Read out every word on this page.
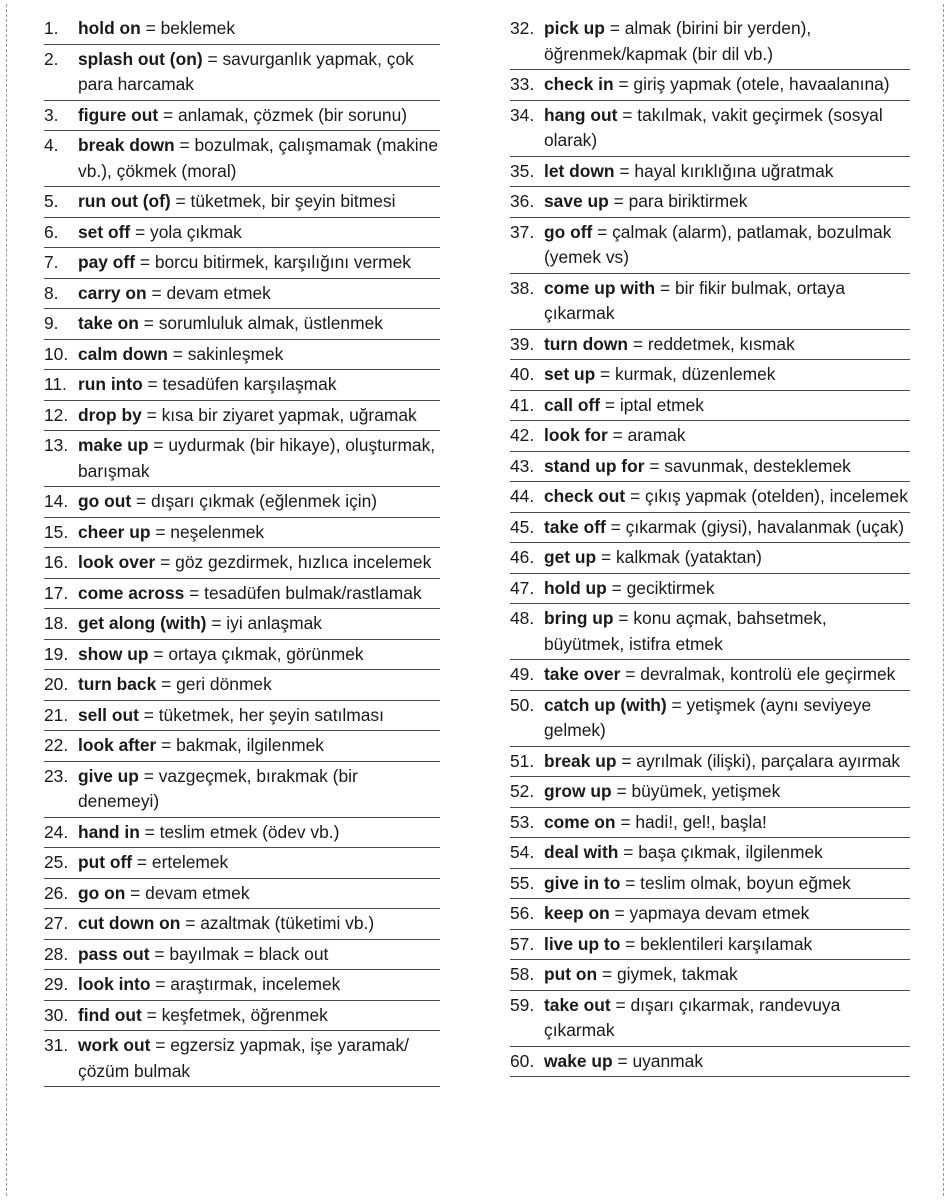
1.	hold on = beklemek
2.	splash out (on) = savurganlık yapmak, çok para harcamak
3.	figure out = anlamak, çözmek (bir sorunu)
4.	break down = bozulmak, çalışmamak (makine vb.), çökmek (moral)
5.	run out (of) = tüketmek, bir şeyin bitmesi
6.	set off = yola çıkmak
7.	pay off = borcu bitirmek, karşılığını vermek
8.	carry on = devam etmek
9.	take on = sorumluluk almak, üstlenmek
10. calm down = sakinleşmek
11. run into = tesadüfen karşılaşmak
12. drop by = kısa bir ziyaret yapmak, uğramak
13. make up = uydurmak (bir hikaye), oluşturmak, barışmak
14. go out = dışarı çıkmak (eğlenmek için)
15. cheer up = neşelenmek
16. look over = göz gezdirmek, hızlıca incelemek
17. come across = tesadüfen bulmak/rastlamak
18. get along (with) = iyi anlaşmak
19. show up = ortaya çıkmak, görünmek
20. turn back = geri dönmek
21. sell out = tüketmek, her şeyin satılması
22. look after = bakmak, ilgilenmek
23. give up = vazgeçmek, bırakmak (bir denemeyi)
24. hand in = teslim etmek (ödev vb.)
25. put off = ertelemek
26. go on = devam etmek
27. cut down on = azaltmak (tüketimi vb.)
28. pass out = bayılmak = black out
29. look into = araştırmak, incelemek
30. find out = keşfetmek, öğrenmek
31. work out = egzersiz yapmak, işe yaramak/çözüm bulmak
32. pick up = almak (birini bir yerden), öğrenmek/kapmak (bir dil vb.)
33. check in = giriş yapmak (otele, havaalanına)
34. hang out = takılmak, vakit geçirmek (sosyal olarak)
35. let down = hayal kırıklığına uğratmak
36. save up = para biriktirmek
37. go off = çalmak (alarm), patlamak, bozulmak (yemek vs)
38. come up with = bir fikir bulmak, ortaya çıkarmak
39. turn down = reddetmek, kısmak
40. set up = kurmak, düzenlemek
41. call off = iptal etmek
42. look for = aramak
43. stand up for = savunmak, desteklemek
44. check out = çıkış yapmak (otelden), incelemek
45. take off = çıkarmak (giysi), havalanmak (uçak)
46. get up = kalkmak (yataktan)
47. hold up = geciktirmek
48. bring up = konu açmak, bahsetmek, büyütmek, istifra etmek
49. take over = devralmak, kontrolü ele geçirmek
50. catch up (with) = yetişmek (aynı seviyeye gelmek)
51. break up = ayrılmak (ilişki), parçalara ayırmak
52. grow up = büyümek, yetişmek
53. come on = hadi!, gel!, başla!
54. deal with = başa çıkmak, ilgilenmek
55. give in to = teslim olmak, boyun eğmek
56. keep on = yapmaya devam etmek
57. live up to = beklentileri karşılamak
58. put on = giymek, takmak
59. take out = dışarı çıkarmak, randevuya çıkarmak
60. wake up = uyanmak
